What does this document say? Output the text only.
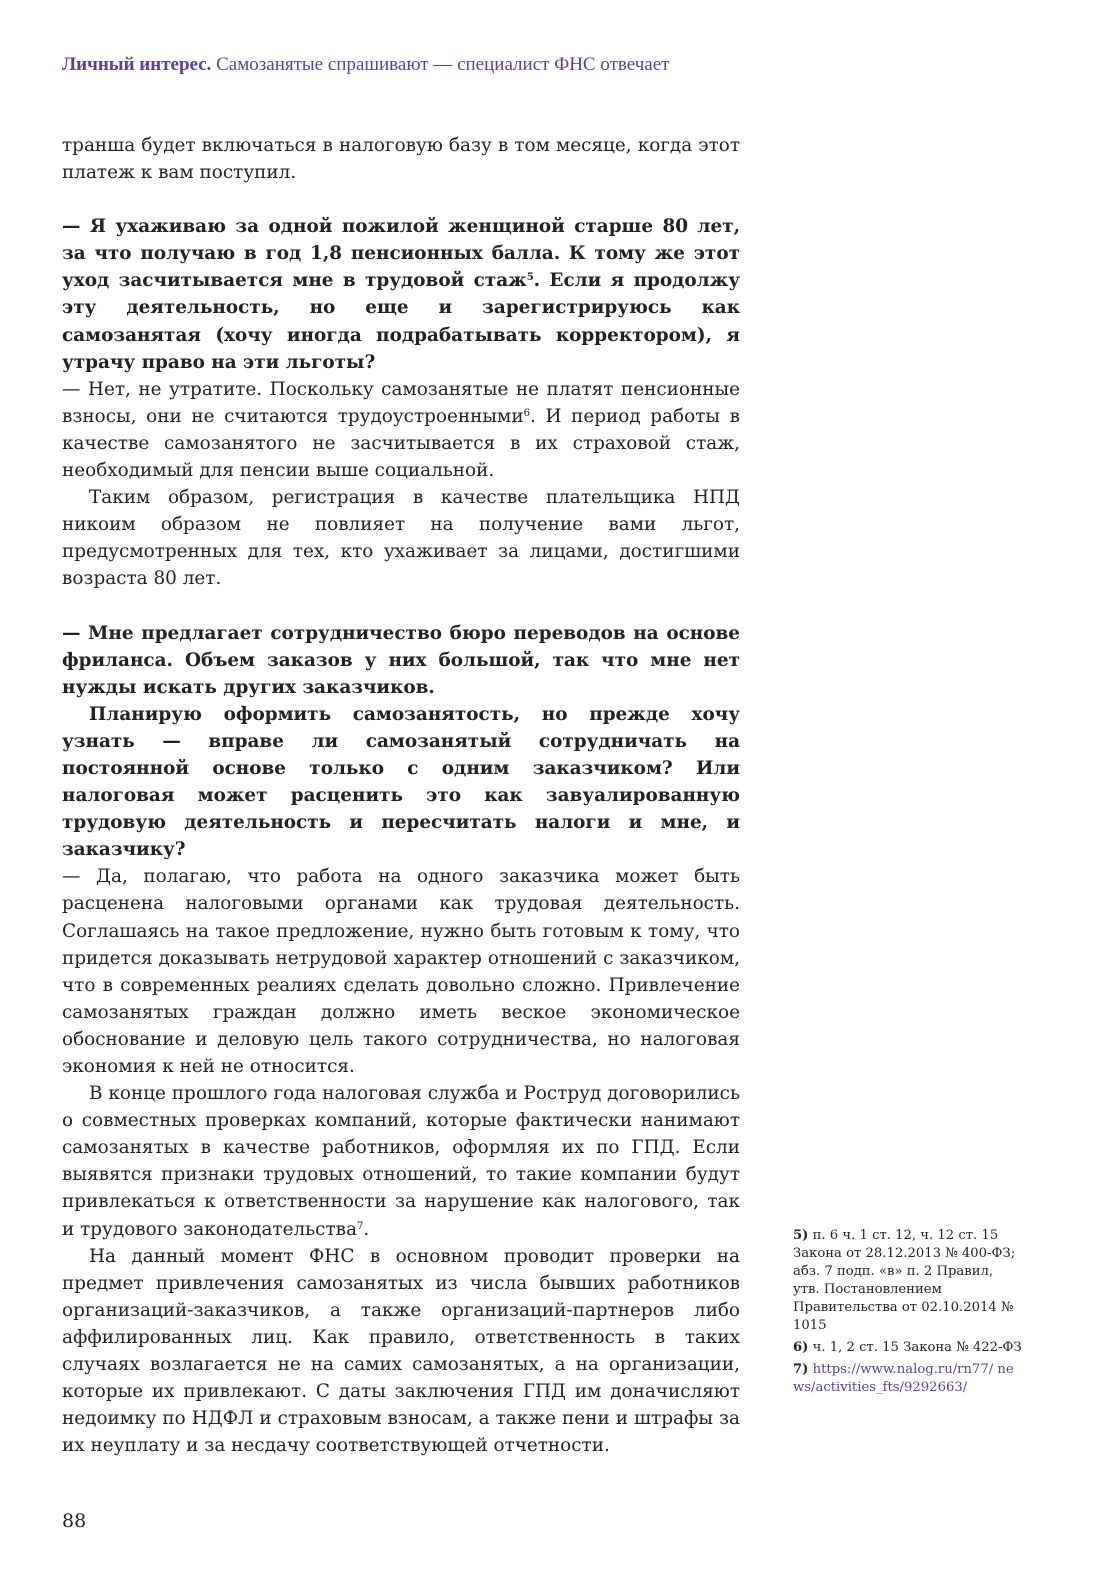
Личный интерес. Самозанятые спрашивают — специалист ФНС отвечает

транша будет включаться в налоговую базу в том месяце, когда этот платеж к вам поступил.

— Я ухаживаю за одной пожилой женщиной старше 80 лет, за что получаю в год 1,8 пенсионных балла. К тому же этот уход засчитывается мне в трудовой стаж$^5$. Если я продолжу эту деятельность, но еще и зарегистрируюсь как самозанятая (хочу иногда подрабатывать корректором), я утрачу право на эти льготы?

— Нет, не утратите. Поскольку самозанятые не платят пенсионные взносы, они не считаются трудоустроенными$^6$. И период работы в качестве самозанятого не засчитывается в их страховой стаж, необходимый для пенсии выше социальной.

Таким образом, регистрация в качестве плательщика НПД никоим образом не повлияет на получение вами льгот, предусмотренных для тех, кто ухаживает за лицами, достигшими возраста 80 лет.

— Мне предлагает сотрудничество бюро переводов на основе фриланса. Объем заказов у них большой, так что мне нет нужды искать других заказчиков.

Планирую оформить самозанятость, но прежде хочу узнать — вправе ли самозанятый сотрудничать на постоянной основе только с одним заказчиком? Или налоговая может расценить это как завуалированную трудовую деятельность и пересчитать налоги и мне, и заказчику?

— Да, полагаю, что работа на одного заказчика может быть расценена налоговыми органами как трудовая деятельность. Соглашаясь на такое предложение, нужно быть готовым к тому, что придется доказывать нетрудовой характер отношений с заказчиком, что в современных реалиях сделать довольно сложно. Привлечение самозанятых граждан должно иметь веское экономическое обоснование и деловую цель такого сотрудничества, но налоговая экономия к ней не относится.

В конце прошлого года налоговая служба и Роструд договорились о совместных проверках компаний, которые фактически нанимают самозанятых в качестве работников, оформляя их по ГПД. Если выявятся признаки трудовых отношений, то такие компании будут привлекаться к ответственности за нарушение как налогового, так и трудового законодательства$^7$.

На данный момент ФНС в основном проводит проверки на предмет привлечения самозанятых из числа бывших работников организаций-заказчиков, а также организаций-партнеров либо аффилированных лиц. Как правило, ответственность в таких случаях возлагается не на самих самозанятых, а на организации, которые их привлекают. С даты заключения ГПД им доначисляют недоимку по НДФЛ и страховым взносам, а также пени и штрафы за их неуплату и за несдачу соответствующей отчетности.

88

5) п. 6 ч. 1 ст. 12, ч. 12 ст. 15 Закона от 28.12.2013 № 400-ФЗ; абз. 7 подп. «в» п. 2 Правил, утв. Постановлением Правительства от 02.10.2014 № 1015

6) ч. 1, 2 ст. 15 Закона № 422-ФЗ

7) https://www.nalog.ru/rn77/ news/activities_fts/9292663/
